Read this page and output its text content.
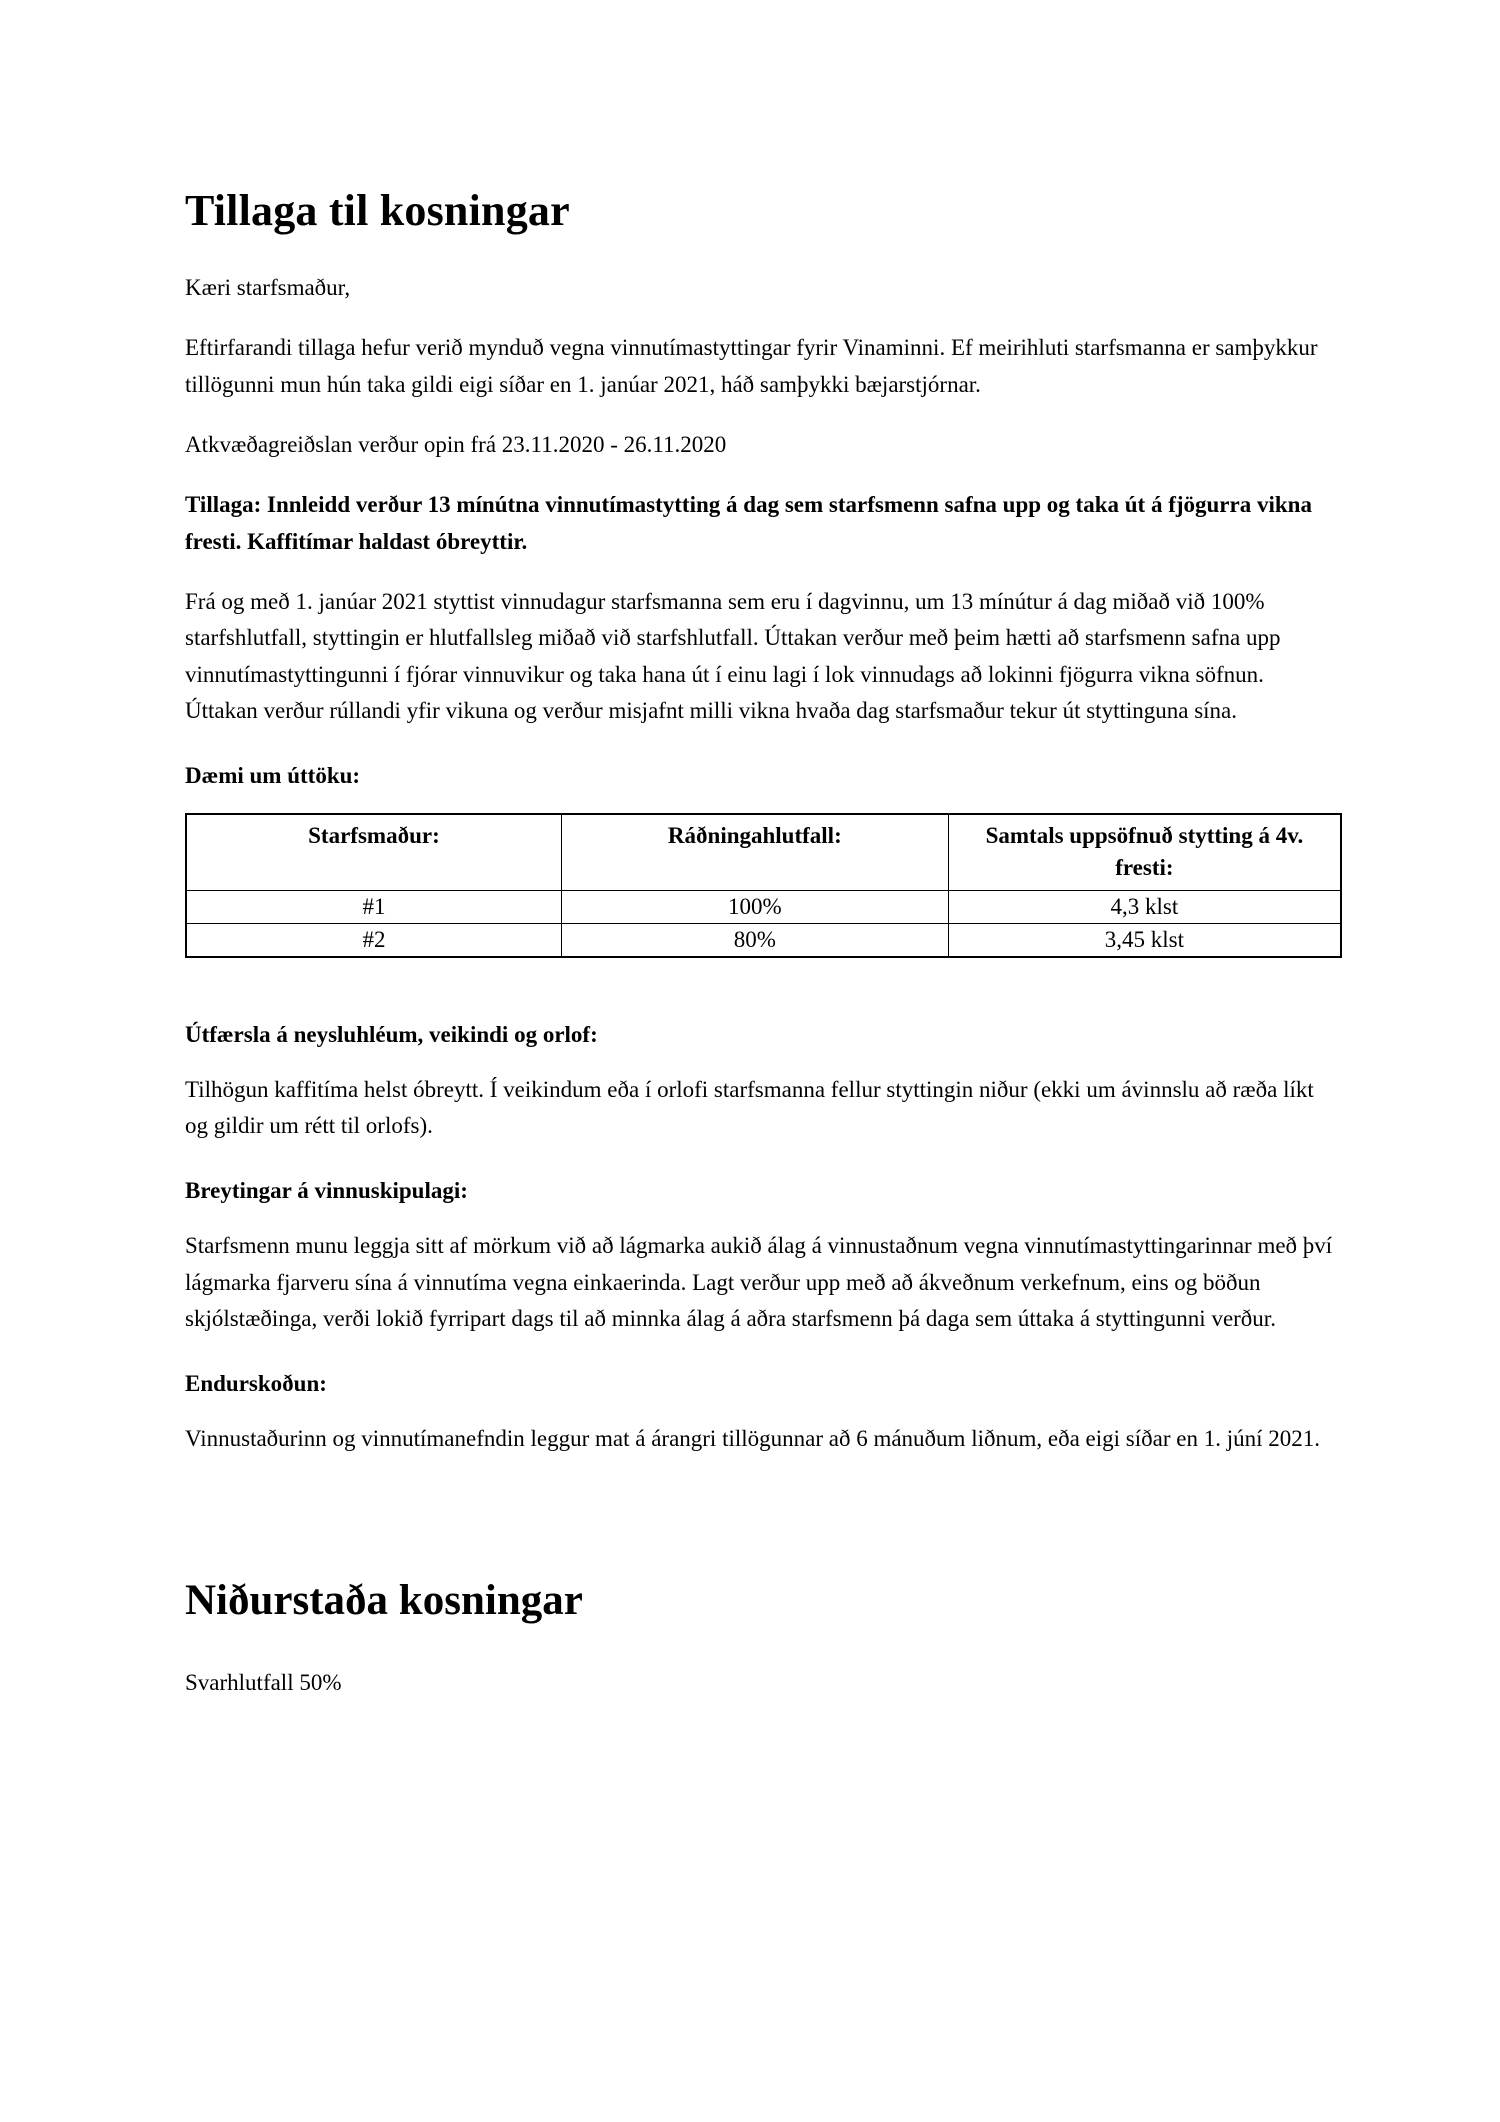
Tillaga til kosningar

Kæri starfsmaður,

Eftirfarandi tillaga hefur verið mynduð vegna vinnutímastyttingar fyrir Vinaminni. Ef meirihluti starfsmanna er samþykkur tillögunni mun hún taka gildi eigi síðar en 1. janúar 2021, háð samþykki bæjarstjórnar.

Atkvæðagreiðslan verður opin frá 23.11.2020 - 26.11.2020

Tillaga: Innleidd verður 13 mínútna vinnutímastytting á dag sem starfsmenn safna upp og taka út á fjögurra vikna fresti. Kaffitímar haldast óbreyttir.

Frá og með 1. janúar 2021 styttist vinnudagur starfsmanna sem eru í dagvinnu, um 13 mínútur á dag miðað við 100% starfshlutfall, styttingin er hlutfallsleg miðað við starfshlutfall. Úttakan verður með þeim hætti að starfsmenn safna upp vinnutímastyttingunni í fjórar vinnuvikur og taka hana út í einu lagi í lok vinnudags að lokinni fjögurra vikna söfnun. Úttakan verður rúllandi yfir vikuna og verður misjafnt milli vikna hvaða dag starfsmaður tekur út styttinguna sína.

Dæmi um úttöku:

Starfsmaður:	Ráðningahlutfall:	Samtals uppsöfnuð stytting á 4v. fresti:
#1	100%	4,3 klst
#2	80%	3,45 klst

Útfærsla á neysluhléum, veikindi og orlof:

Tilhögun kaffitíma helst óbreytt. Í veikindum eða í orlofi starfsmanna fellur styttingin niður (ekki um ávinnslu að ræða líkt og gildir um rétt til orlofs).

Breytingar á vinnuskipulagi:

Starfsmenn munu leggja sitt af mörkum við að lágmarka aukið álag á vinnustaðnum vegna vinnutímastyttingarinnar með því lágmarka fjarveru sína á vinnutíma vegna einkaerinda. Lagt verður upp með að ákveðnum verkefnum, eins og böðun skjólstæðinga, verði lokið fyrripart dags til að minnka álag á aðra starfsmenn þá daga sem úttaka á styttingunni verður.

Endurskoðun:

Vinnustaðurinn og vinnutímanefndin leggur mat á árangri tillögunnar að 6 mánuðum liðnum, eða eigi síðar en 1. júní 2021.

Niðurstaða kosningar

Svarhlutfall 50%
